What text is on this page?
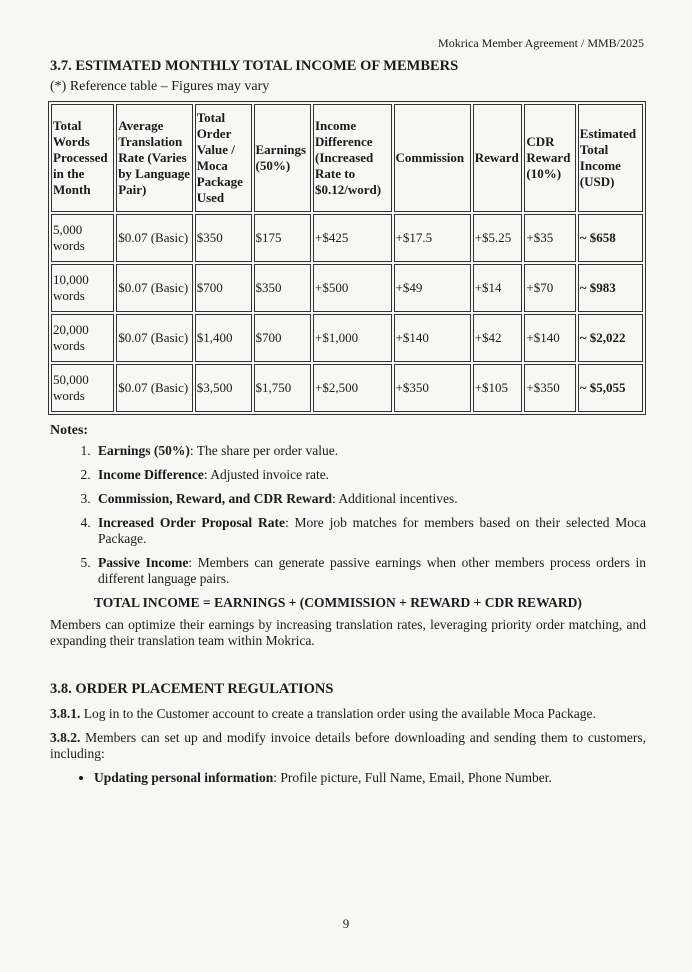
Mokrica Member Agreement / MMB/2025
3.7. ESTIMATED MONTHLY TOTAL INCOME OF MEMBERS
(*) Reference table – Figures may vary
Total Words Processed in the Month	Average Translation Rate (Varies by Language Pair)	Total Order Value / Moca Package Used	Earnings (50%)	Income Difference (Increased Rate to $0.12/word)	Commission	Reward	CDR Reward (10%)	Estimated Total Income (USD)
5,000 words	$0.07 (Basic)	$350	$175	+$425	+$17.5	+$5.25	+$35	~ $658
10,000 words	$0.07 (Basic)	$700	$350	+$500	+$49	+$14	+$70	~ $983
20,000 words	$0.07 (Basic)	$1,400	$700	+$1,000	+$140	+$42	+$140	~ $2,022
50,000 words	$0.07 (Basic)	$3,500	$1,750	+$2,500	+$350	+$105	+$350	~ $5,055
Notes:
1. Earnings (50%): The share per order value.
2. Income Difference: Adjusted invoice rate.
3. Commission, Reward, and CDR Reward: Additional incentives.
4. Increased Order Proposal Rate: More job matches for members based on their selected Moca Package.
5. Passive Income: Members can generate passive earnings when other members process orders in different language pairs.
TOTAL INCOME = EARNINGS + (COMMISSION + REWARD + CDR REWARD)

Members can optimize their earnings by increasing translation rates, leveraging priority order matching, and expanding their translation team within Mokrica.

3.8. ORDER PLACEMENT REGULATIONS

3.8.1. Log in to the Customer account to create a translation order using the available Moca Package.

3.8.2. Members can set up and modify invoice details before downloading and sending them to customers, including:

• Updating personal information: Profile picture, Full Name, Email, Phone Number.
9
